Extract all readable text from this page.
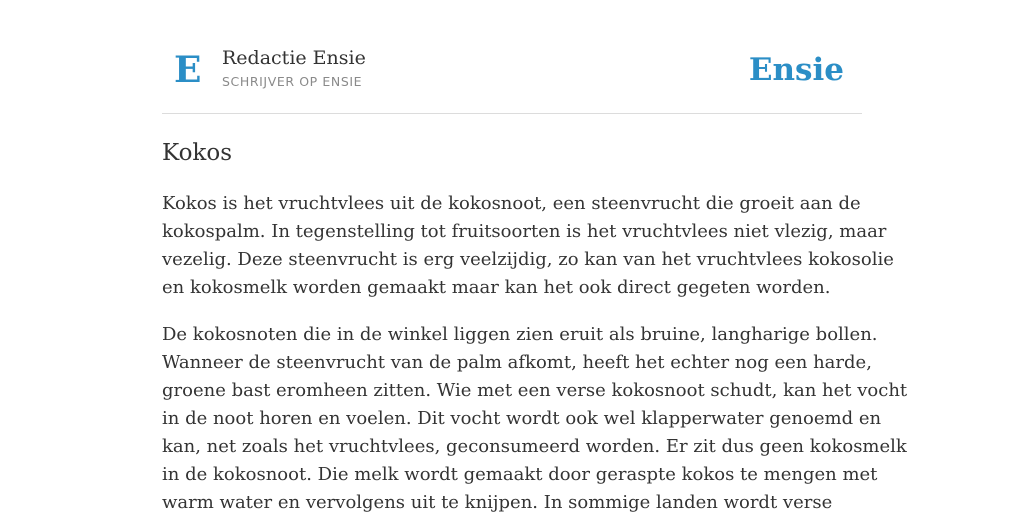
E Redactie Ensie
SCHRIJVER OP ENSIE	Ensie
Kokos

Kokos is het vruchtvlees uit de kokosnoot, een steenvrucht die groeit aan de
kokospalm. In tegenstelling tot fruitsoorten is het vruchtvlees niet vlezig, maar
vezelig. Deze steenvrucht is erg veelzijdig, zo kan van het vruchtvlees kokosolie
en kokosmelk worden gemaakt maar kan het ook direct gegeten worden.

De kokosnoten die in de winkel liggen zien eruit als bruine, langharige bollen.
Wanneer de steenvrucht van de palm afkomt, heeft het echter nog een harde,
groene bast eromheen zitten. Wie met een verse kokosnoot schudt, kan het vocht
in de noot horen en voelen. Dit vocht wordt ook wel klapperwater genoemd en
kan, net zoals het vruchtvlees, geconsumeerd worden. Er zit dus geen kokosmelk
in de kokosnoot. Die melk wordt gemaakt door geraspte kokos te mengen met
warm water en vervolgens uit te knijpen. In sommige landen wordt verse
